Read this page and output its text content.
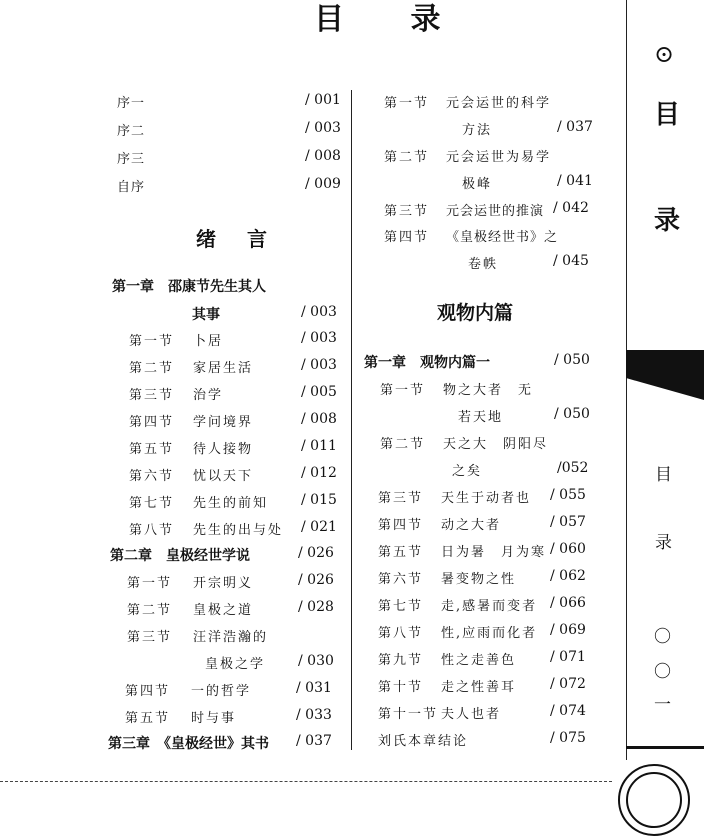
目 录
序一	/ 001
序二	/ 003
序三	/ 008
自序	/ 009
绪 言
第一章　邵康节先生其人
其事	/ 003
第一节 卜居	/ 003
第二节 家居生活	/ 003
第三节 治学	/ 005
第四节 学问境界	/ 008
第五节 待人接物	/ 011
第六节 忧以天下	/ 012
第七节 先生的前知 / 015
第八节 先生的出与处 / 021
第二章　皇极经世学说	/ 026
第一节 开宗明义	/ 026
第二节 皇极之道	/ 028
第三节 汪洋浩瀚的
皇极之学 / 030
第四节 一的哲学	/ 031
第五节 时与事	/ 033
第三章　《皇极经世》其书 / 037
第一节 元会运世的科学
方法	/ 037
第二节 元会运世为易学
极峰	/ 041
第三节 元会运世的推演 / 042
第四节 《皇极经世书》之
卷帙	/ 045
观物内篇
第一章　观物内篇一	/ 050
第一节 物之大者　无
若天地	/ 050
第二节 天之大　阴阳尽
之矣	/052
第三节 天生于动者也 / 055
第四节 动之大者	/ 057
第五节 日为暑　月为寒 / 060
第六节 暑变物之性 / 062
第七节 走,感暑而变者 / 066
第八节 性,应雨而化者 / 069
第九节 性之走善色 / 071
第十节 走之性善耳 / 072
第十一节 夫人也者	/ 074
刘氏本章结论	/ 075
⊙
目
录
目
录
〇
〇
一
